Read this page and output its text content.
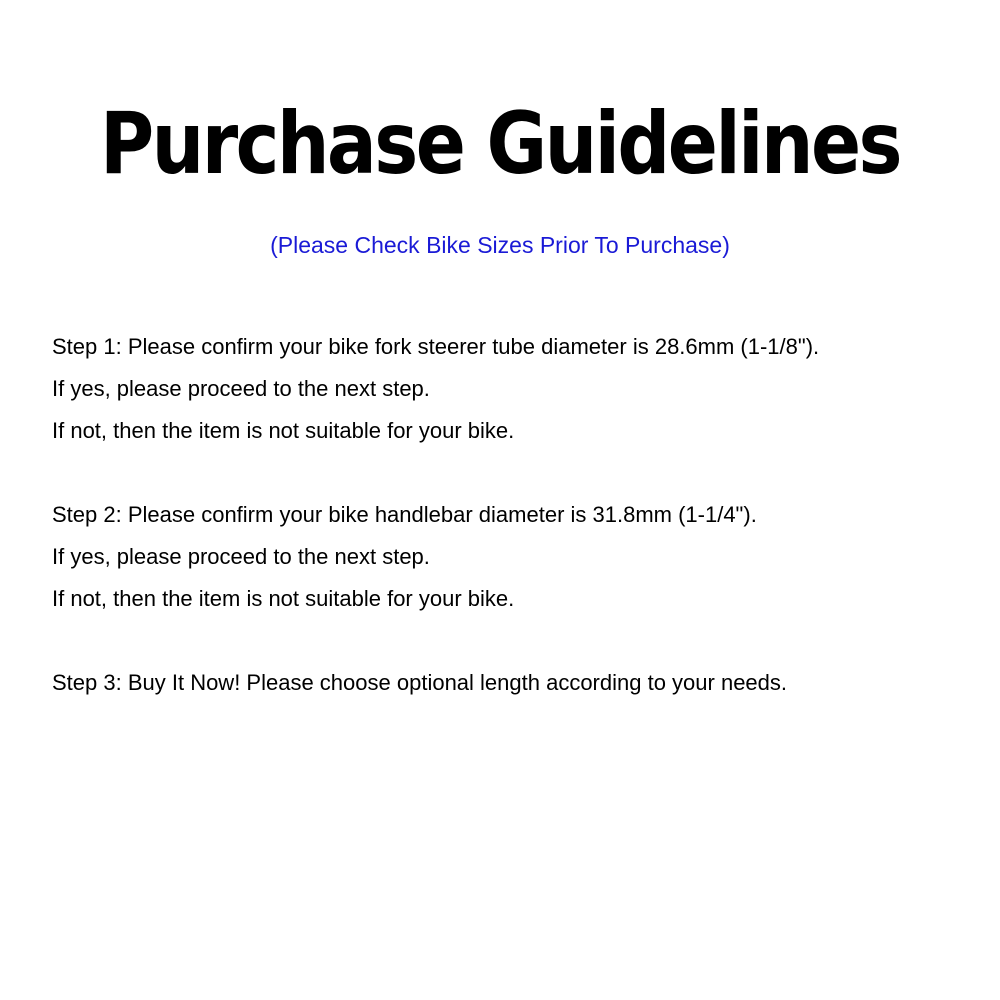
Purchase Guidelines

(Please Check Bike Sizes Prior To Purchase)

Step 1: Please confirm your bike fork steerer tube diameter is 28.6mm (1-1/8").
If yes, please proceed to the next step.
If not, then the item is not suitable for your bike.
Step 2: Please confirm your bike handlebar diameter is 31.8mm (1-1/4").
If yes, please proceed to the next step.
If not, then the item is not suitable for your bike.
Step 3: Buy It Now! Please choose optional length according to your needs.
